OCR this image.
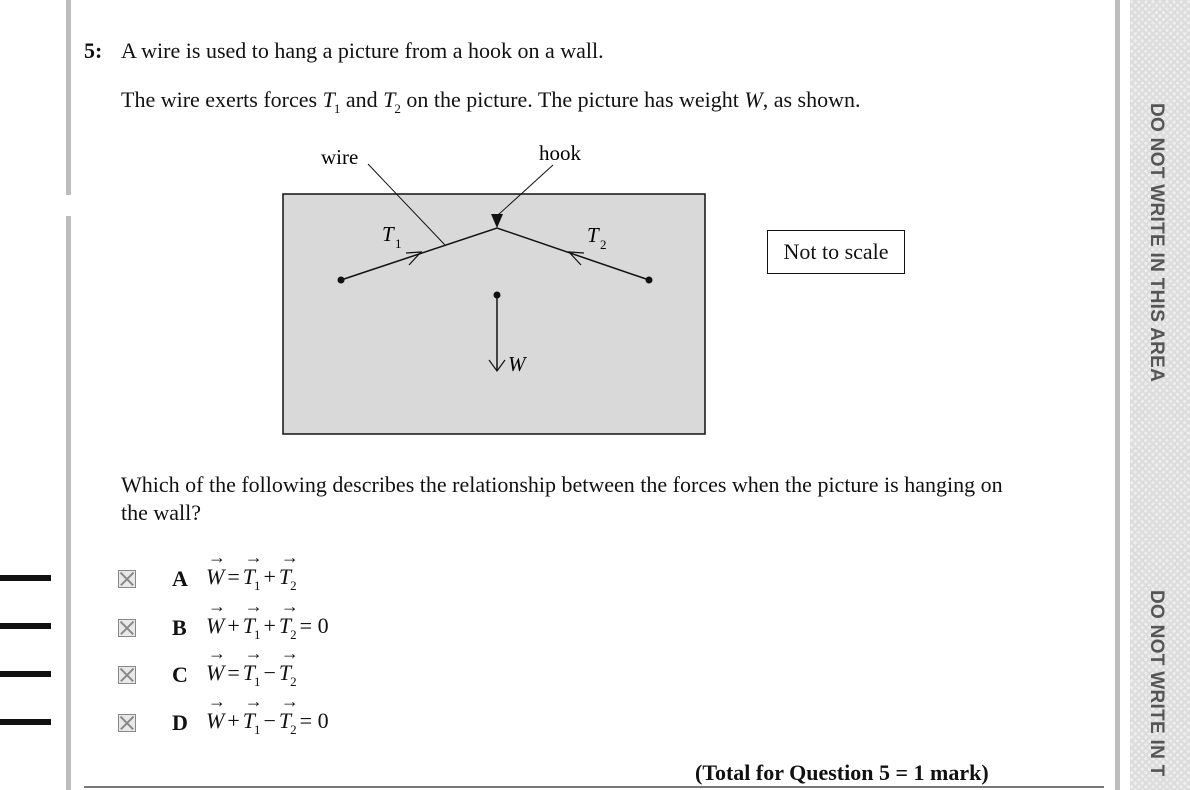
DO NOT WRITE IN THIS AREA
DO NOT WRITE IN T
5: A wire is used to hang a picture from a hook on a wall.
The wire exerts forces $T_1$ and $T_2$ on the picture. The picture has weight W, as shown.
wire	hook
T 1	T 2
W
Not to scale
Which of the following describes the relationship between the forces when the picture is hanging on the wall?
A
→ $W =\to T_1 +\to T_2$
B
→ $W +\to T_1 +\to T_2 = 0$
C
→ $W =\to T_1 -\to T_2$
D
→ $W +\to T_1 -\to T_2 = 0$
(Total for Question 5 = 1 mark)
